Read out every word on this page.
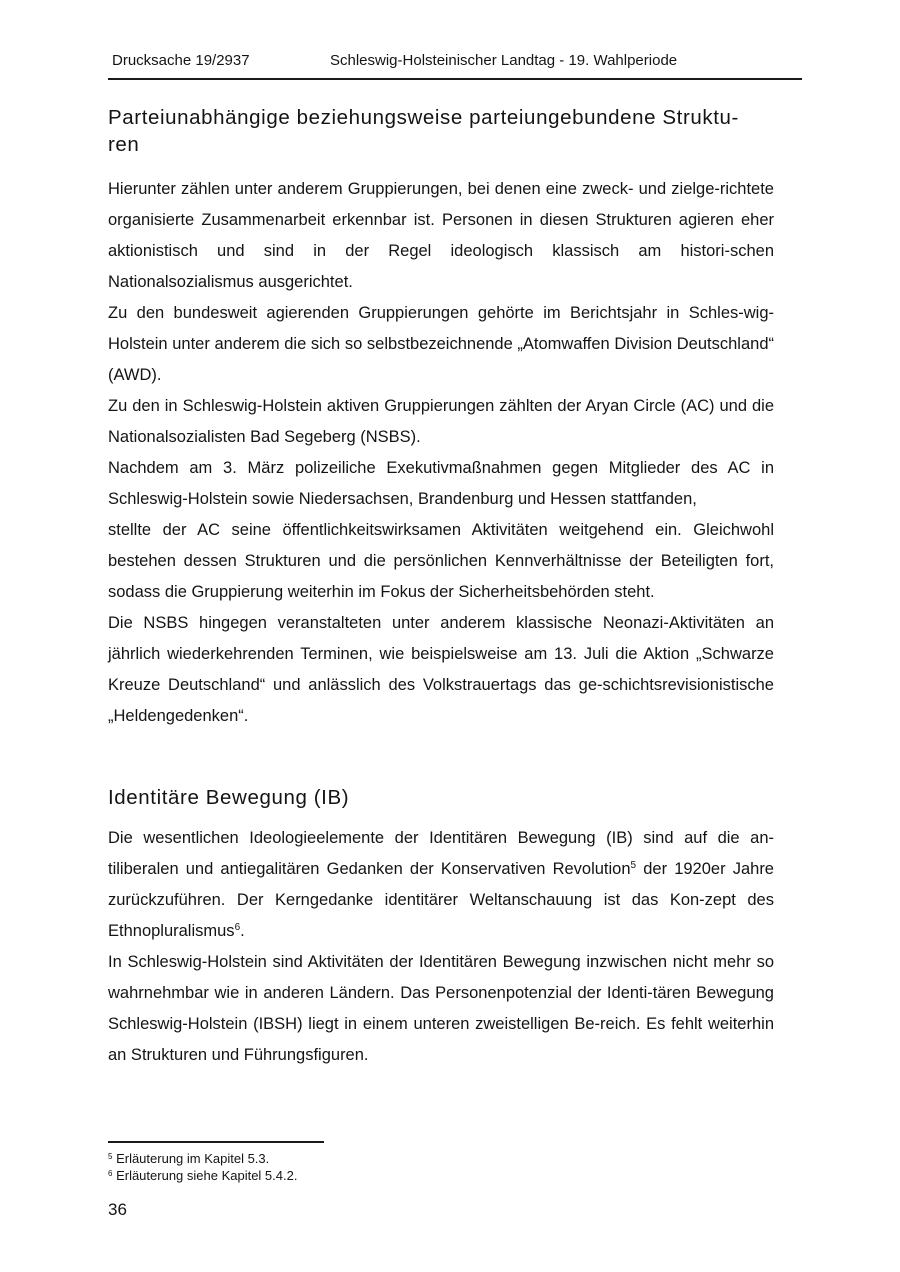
Drucksache 19/2937	Schleswig-Holsteinischer Landtag - 19. Wahlperiode
Parteiunabhängige beziehungsweise parteiungebundene Struktu-
ren

Hierunter zählen unter anderem Gruppierungen, bei denen eine zweck- und zielge-richtete organisierte Zusammenarbeit erkennbar ist. Personen in diesen Strukturen agieren eher aktionistisch und sind in der Regel ideologisch klassisch am histori-schen Nationalsozialismus ausgerichtet.

Zu den bundesweit agierenden Gruppierungen gehörte im Berichtsjahr in Schles-wig-Holstein unter anderem die sich so selbstbezeichnende „Atomwaffen Division Deutschland“ (AWD).

Zu den in Schleswig-Holstein aktiven Gruppierungen zählten der Aryan Circle (AC) und die Nationalsozialisten Bad Segeberg (NSBS).

Nachdem am 3. März polizeiliche Exekutivmaßnahmen gegen Mitglieder des AC in Schleswig-Holstein sowie Niedersachsen, Brandenburg und Hessen stattfanden,

stellte der AC seine öffentlichkeitswirksamen Aktivitäten weitgehend ein. Gleichwohl bestehen dessen Strukturen und die persönlichen Kennverhältnisse der Beteiligten fort, sodass die Gruppierung weiterhin im Fokus der Sicherheitsbehörden steht.

Die NSBS hingegen veranstalteten unter anderem klassische Neonazi-Aktivitäten an jährlich wiederkehrenden Terminen, wie beispielsweise am 13. Juli die Aktion „Schwarze Kreuze Deutschland“ und anlässlich des Volkstrauertags das ge-schichtsrevisionistische „Heldengedenken“.

Identitäre Bewegung (IB)

Die wesentlichen Ideologieelemente der Identitären Bewegung (IB) sind auf die an-tiliberalen und antiegalitären Gedanken der Konservativen Revolution$^5$ der 1920er Jahre zurückzuführen. Der Kerngedanke identitärer Weltanschauung ist das Kon-zept des Ethnopluralismus$^6$.

In Schleswig-Holstein sind Aktivitäten der Identitären Bewegung inzwischen nicht mehr so wahrnehmbar wie in anderen Ländern. Das Personenpotenzial der Identi-tären Bewegung Schleswig-Holstein (IBSH) liegt in einem unteren zweistelligen Be-reich. Es fehlt weiterhin an Strukturen und Führungsfiguren.

$^5$ Erläuterung im Kapitel 5.3.
$^6$ Erläuterung siehe Kapitel 5.4.2.
36
